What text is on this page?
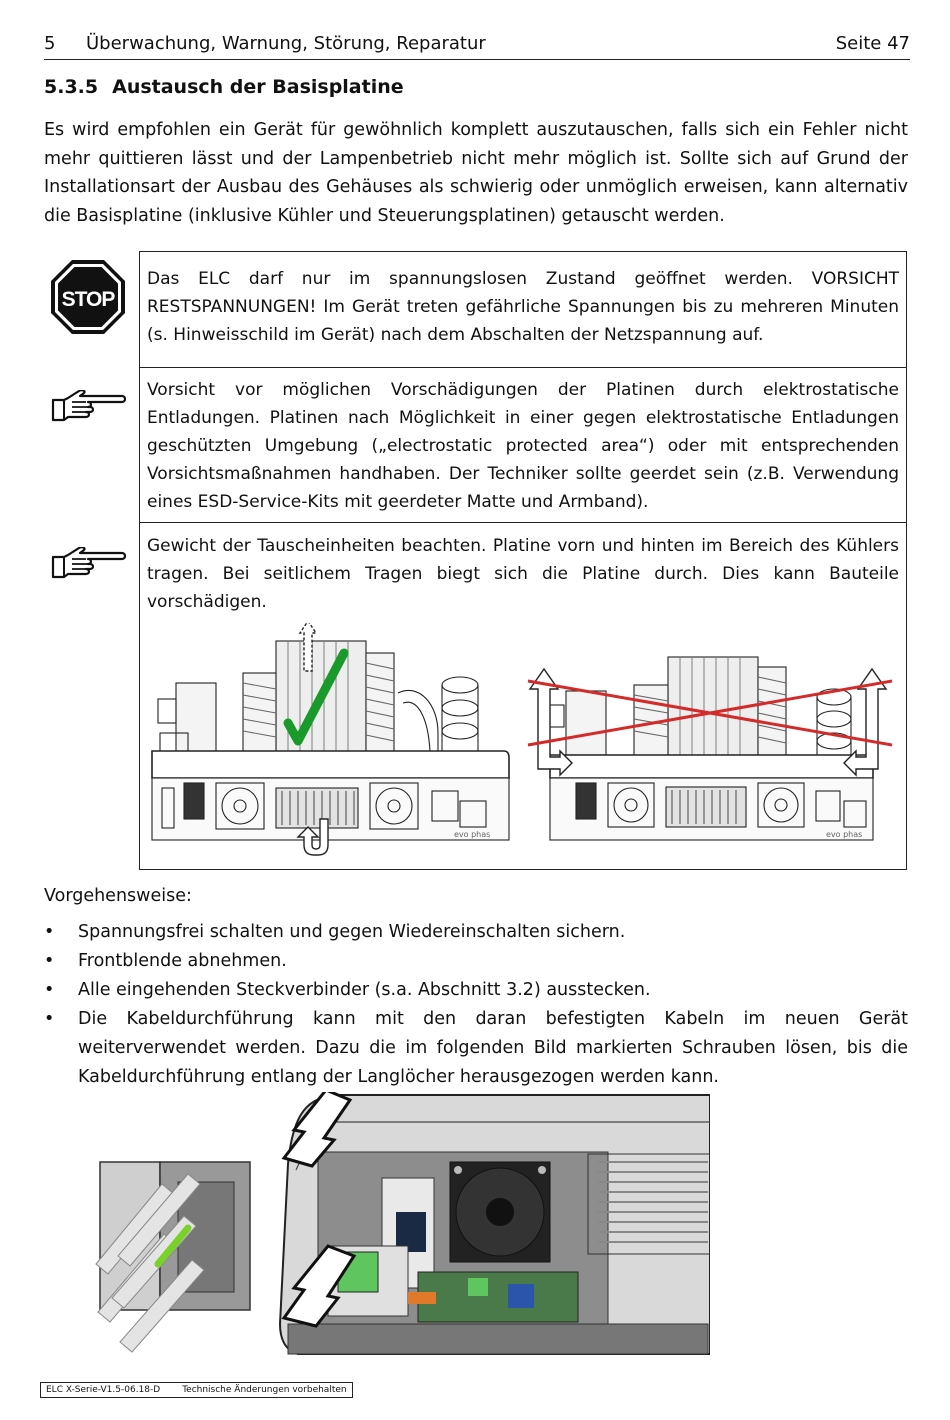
5 Überwachung, Warnung, Störung, Reparatur	Seite 47
5.3.5 Austausch der Basisplatine

Es wird empfohlen ein Gerät für gewöhnlich komplett auszutauschen, falls sich ein Fehler nicht mehr quittieren lässt und der Lampenbetrieb nicht mehr möglich ist. Sollte sich auf Grund der Installationsart der Ausbau des Gehäuses als schwierig oder unmöglich erweisen, kann alternativ die Basisplatine (inklusive Kühler und Steuerungsplatinen) getauscht werden.

STOP

Das ELC darf nur im spannungslosen Zustand geöffnet werden. VORSICHT RESTSPANNUNGEN! Im Gerät treten gefährliche Spannungen bis zu mehreren Minuten (s. Hinweisschild im Gerät) nach dem Abschalten der Netzspannung auf.

Vorsicht vor möglichen Vorschädigungen der Platinen durch elektrostatische Entladungen. Platinen nach Möglichkeit in einer gegen elektrostatische Entladungen geschützten Umgebung („electrostatic protected area“) oder mit entsprechenden Vorsichtsmaßnahmen handhaben. Der Techniker sollte geerdet sein (z.B. Verwendung eines ESD-Service-Kits mit geerdeter Matte und Armband).

Gewicht der Tauscheinheiten beachten. Platine vorn und hinten im Bereich des Kühlers tragen. Bei seitlichem Tragen biegt sich die Platine durch. Dies kann Bauteile vorschädigen.

evo phas	evo phas
Vorgehensweise:
• Spannungsfrei schalten und gegen Wiedereinschalten sichern.
• Frontblende abnehmen.
• Alle eingehenden Steckverbinder (s.a. Abschnitt 3.2) ausstecken.
• Die Kabeldurchführung kann mit den daran befestigten Kabeln im neuen Gerät weiterverwendet werden. Dazu die im folgenden Bild markierten Schrauben lösen, bis die Kabeldurchführung entlang der Langlöcher herausgezogen werden kann.
ELC X-Serie-V1.5-06.18-D Technische Änderungen vorbehalten
